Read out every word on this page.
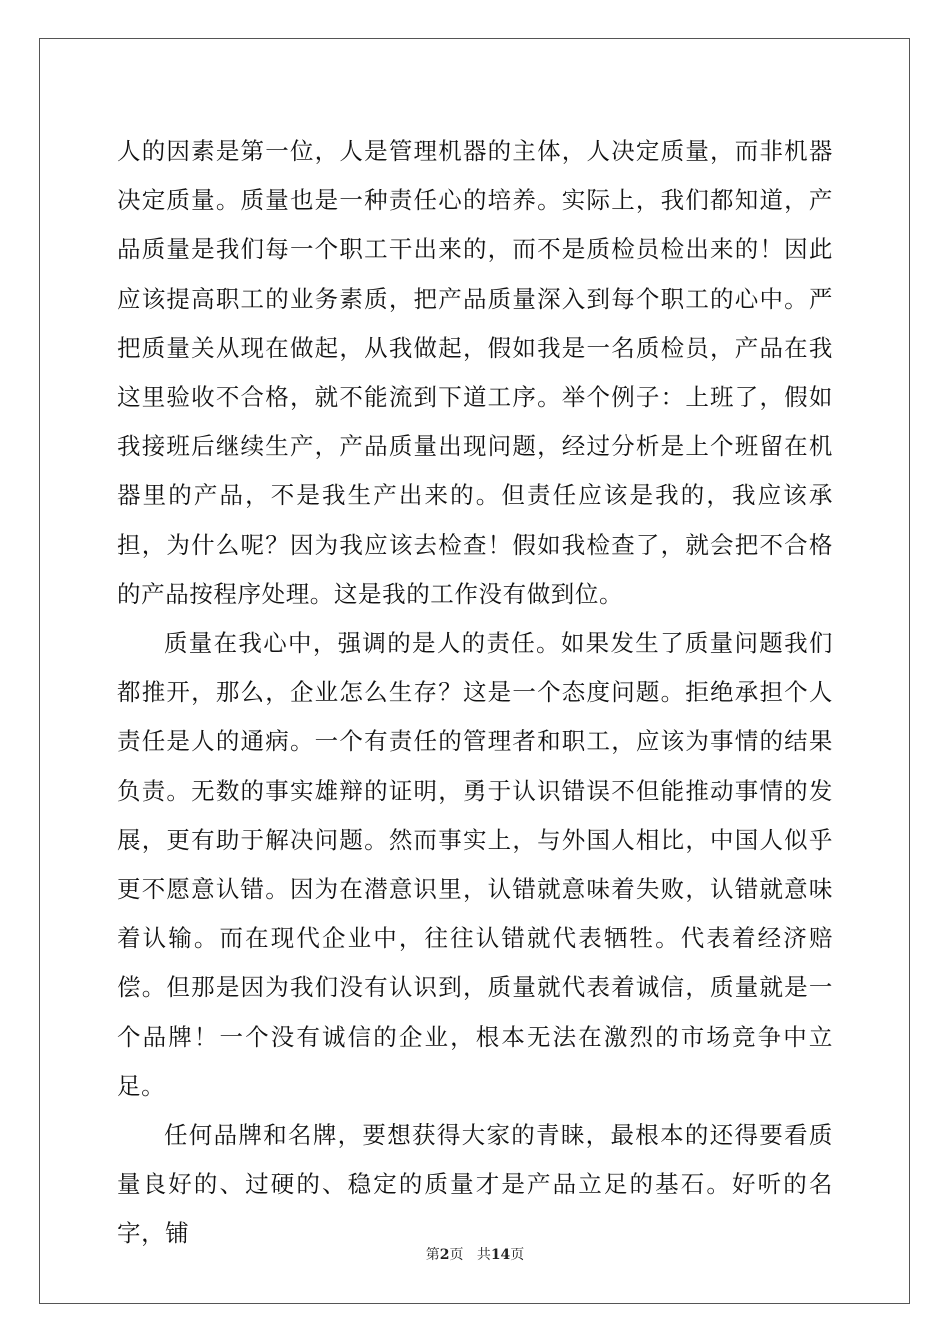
人的因素是第一位，人是管理机器的主体，人决定质量，而非机器决定质量。质量也是一种责任心的培养。实际上，我们都知道，产品质量是我们每一个职工干出来的，而不是质检员检出来的！因此应该提高职工的业务素质，把产品质量深入到每个职工的心中。严把质量关从现在做起，从我做起，假如我是一名质检员，产品在我这里验收不合格，就不能流到下道工序。举个例子：上班了，假如我接班后继续生产，产品质量出现问题，经过分析是上个班留在机器里的产品，不是我生产出来的。但责任应该是我的，我应该承担，为什么呢？因为我应该去检查！假如我检查了，就会把不合格的产品按程序处理。这是我的工作没有做到位。

质量在我心中，强调的是人的责任。如果发生了质量问题我们都推开，那么，企业怎么生存？这是一个态度问题。拒绝承担个人责任是人的通病。一个有责任的管理者和职工，应该为事情的结果负责。无数的事实雄辩的证明，勇于认识错误不但能推动事情的发展，更有助于解决问题。然而事实上，与外国人相比，中国人似乎更不愿意认错。因为在潜意识里，认错就意味着失败，认错就意味着认输。而在现代企业中，往往认错就代表牺牲。代表着经济赔偿。但那是因为我们没有认识到，质量就代表着诚信，质量就是一个品牌！一个没有诚信的企业，根本无法在激烈的市场竞争中立足。

任何品牌和名牌，要想获得大家的青睐，最根本的还得要看质量良好的、过硬的、稳定的质量才是产品立足的基石。好听的名字，铺

第2页 共14页
